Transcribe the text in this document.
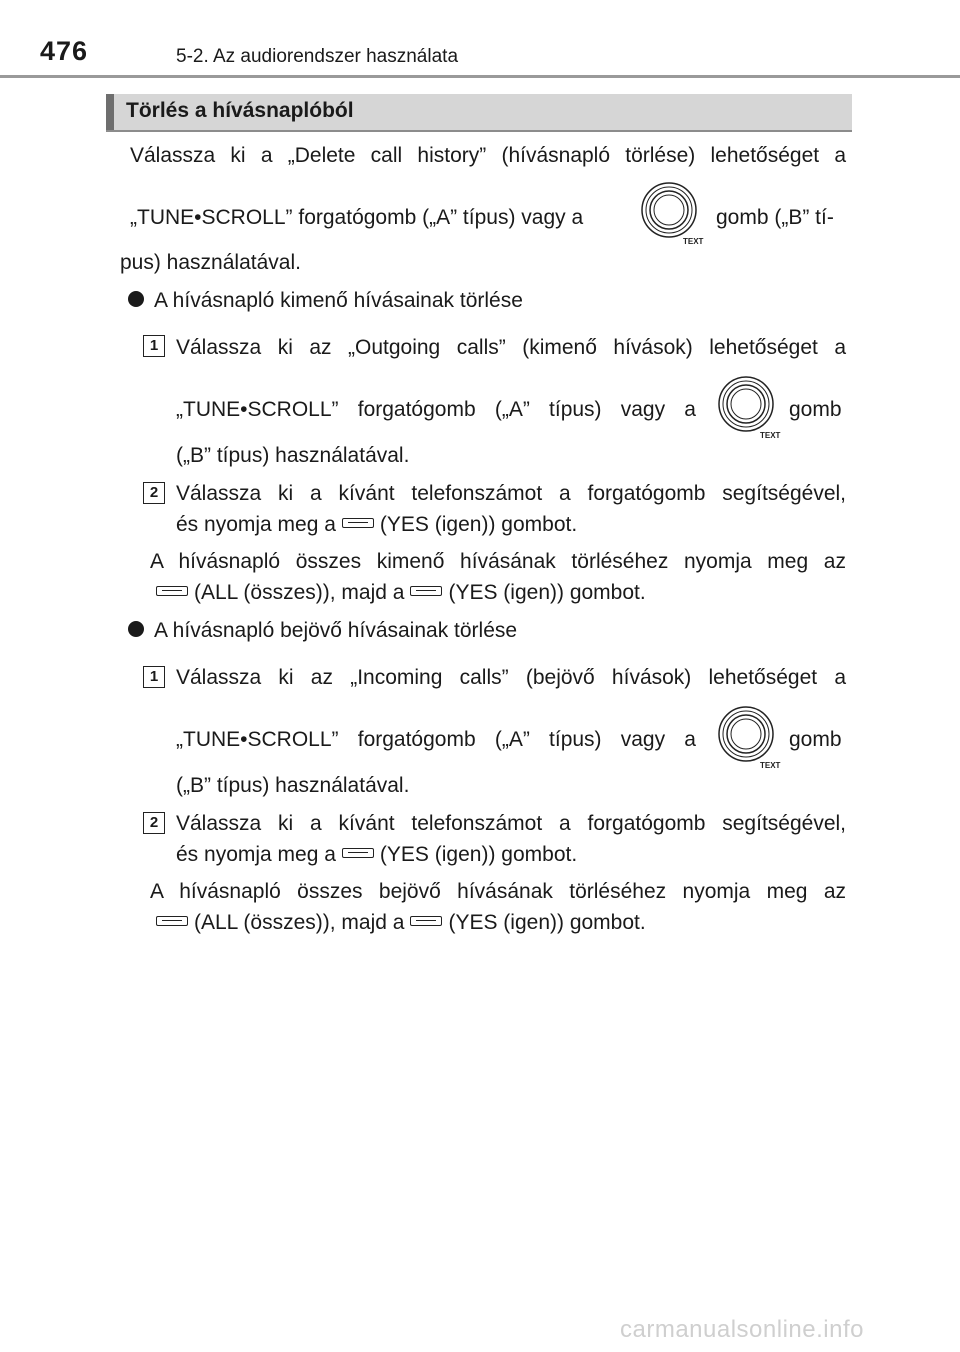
476	5-2. Az audiorendszer használata
Törlés a hívásnaplóból
Válassza ki a „Delete call history” (hívásnapló törlése) lehetőséget a
„TUNE•SCROLL” forgatógomb („A” típus) vagy a
TEXT
gomb („B” tí-
pus) használatával.
A hívásnapló kimenő hívásainak törlése
1 Válassza ki az „Outgoing calls” (kimenő hívások) lehetőséget a
„TUNE•SCROLL” forgatógomb („A” típus) vagy a
TEXT
gomb
(„B” típus) használatával.
2 Válassza ki a kívánt telefonszámot a forgatógomb segítségével,
és nyomja meg a (YES (igen)) gombot.
A hívásnapló összes kimenő hívásának törléséhez nyomja meg az
(ALL (összes)), majd a (YES (igen)) gombot.
A hívásnapló bejövő hívásainak törlése
1 Válassza ki az „Incoming calls” (bejövő hívások) lehetőséget a
„TUNE•SCROLL” forgatógomb („A” típus) vagy a
TEXT
gomb
(„B” típus) használatával.
2 Válassza ki a kívánt telefonszámot a forgatógomb segítségével,
és nyomja meg a (YES (igen)) gombot.
A hívásnapló összes bejövő hívásának törléséhez nyomja meg az
(ALL (összes)), majd a (YES (igen)) gombot.
carmanualsonline.info
